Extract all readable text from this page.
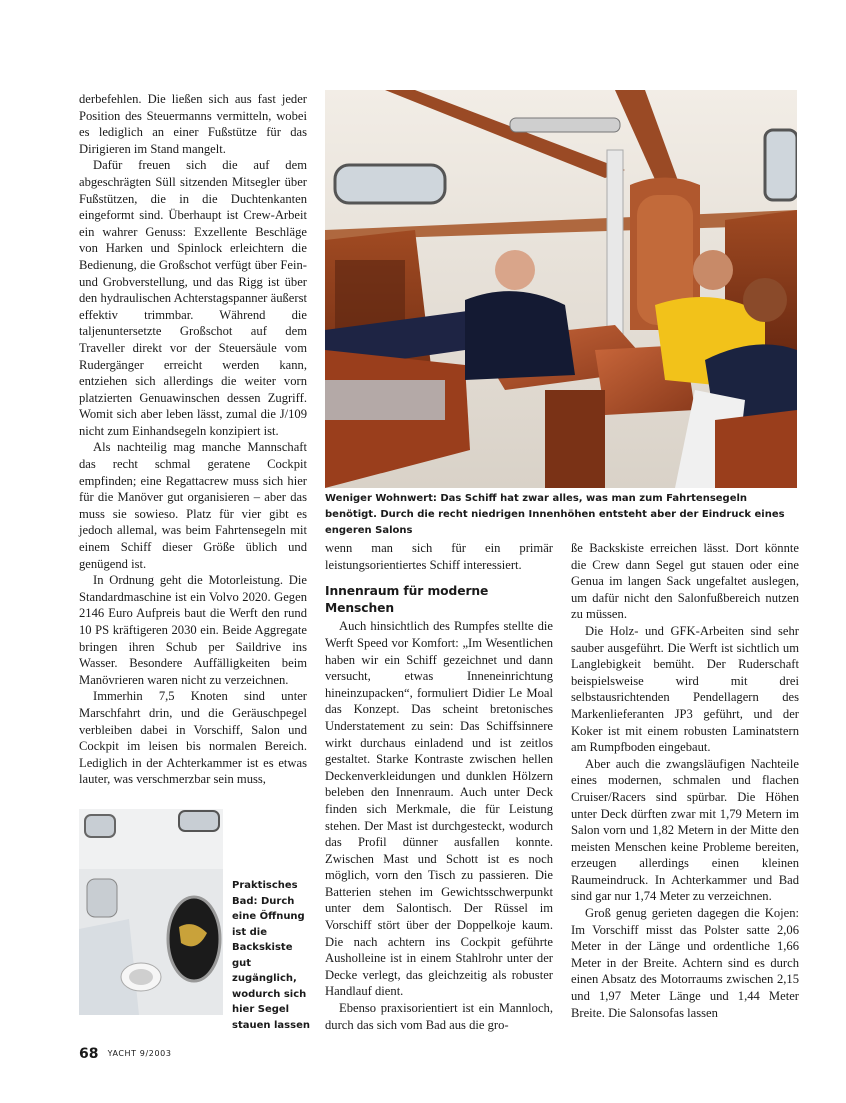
derbefehlen. Die ließen sich aus fast jeder Position des Steuermanns vermitteln, wobei es lediglich an einer Fußstütze für das Dirigieren im Stand mangelt.

Dafür freuen sich die auf dem abgeschrägten Süll sitzenden Mitsegler über Fußstützen, die in die Duchtenkanten eingeformt sind. Überhaupt ist Crew-Arbeit ein wahrer Genuss: Exzellente Beschläge von Harken und Spinlock erleichtern die Bedienung, die Großschot verfügt über Fein- und Grobverstellung, und das Rigg ist über den hydraulischen Achterstagspanner äußerst effektiv trimmbar. Während die taljenuntersetzte Großschot auf dem Traveller direkt vor der Steuersäule vom Rudergänger erreicht werden kann, entziehen sich allerdings die weiter vorn platzierten Genuawinschen dessen Zugriff. Womit sich aber leben lässt, zumal die J/109 nicht zum Einhandsegeln konzipiert ist.

Als nachteilig mag manche Mannschaft das recht schmal geratene Cockpit empfinden; eine Regattacrew muss sich hier für die Manöver gut organisieren – aber das muss sie sowieso. Platz für vier gibt es jedoch allemal, was beim Fahrtensegeln mit einem Schiff dieser Größe üblich und genügend ist.

In Ordnung geht die Motorleistung. Die Standardmaschine ist ein Volvo 2020. Gegen 2146 Euro Aufpreis baut die Werft den rund 10 PS kräftigeren 2030 ein. Beide Aggregate bringen ihren Schub per Saildrive ins Wasser. Besondere Auffälligkeiten beim Manövrieren waren nicht zu verzeichnen.

Immerhin 7,5 Knoten sind unter Marschfahrt drin, und die Geräuschpegel verbleiben dabei in Vorschiff, Salon und Cockpit im leisen bis normalen Bereich. Lediglich in der Achterkammer ist es etwas lauter, was verschmerzbar sein muss,

Weniger Wohnwert: Das Schiff hat zwar alles, was man zum Fahrtensegeln benötigt. Durch die recht niedrigen Innenhöhen entsteht aber der Eindruck eines engeren Salons
Praktisches Bad: Durch eine Öffnung ist die Backskiste gut zugänglich, wodurch sich hier Segel stauen lassen

wenn man sich für ein primär leistungsorientiertes Schiff interessiert.

Innenraum für moderne Menschen

Auch hinsichtlich des Rumpfes stellte die Werft Speed vor Komfort: „Im Wesentlichen haben wir ein Schiff gezeichnet und dann versucht, etwas Inneneinrichtung hineinzupacken“, formuliert Didier Le Moal das Konzept. Das scheint bretonisches Understatement zu sein: Das Schiffsinnere wirkt durchaus einladend und ist zeitlos gestaltet. Starke Kontraste zwischen hellen Deckenverkleidungen und dunklen Hölzern beleben den Innenraum. Auch unter Deck finden sich Merkmale, die für Leistung stehen. Der Mast ist durchgesteckt, wodurch das Profil dünner ausfallen konnte. Zwischen Mast und Schott ist es noch möglich, vorn den Tisch zu passieren. Die Batterien stehen im Gewichtsschwerpunkt unter dem Salontisch. Der Rüssel im Vorschiff stört über der Doppelkoje kaum. Die nach achtern ins Cockpit geführte Ausholleine ist in einem Stahlrohr unter der Decke verlegt, das gleichzeitig als robuster Handlauf dient.

Ebenso praxisorientiert ist ein Mannloch, durch das sich vom Bad aus die gro-

ße Backskiste erreichen lässt. Dort könnte die Crew dann Segel gut stauen oder eine Genua im langen Sack ungefaltet auslegen, um dafür nicht den Salonfußbereich nutzen zu müssen.

Die Holz- und GFK-Arbeiten sind sehr sauber ausgeführt. Die Werft ist sichtlich um Langlebigkeit bemüht. Der Ruderschaft beispielsweise wird mit drei selbstausrichtenden Pendellagern des Markenlieferanten JP3 geführt, und der Koker ist mit einem robusten Laminatstern am Rumpfboden eingebaut.

Aber auch die zwangsläufigen Nachteile eines modernen, schmalen und flachen Cruiser/Racers sind spürbar. Die Höhen unter Deck dürften zwar mit 1,79 Metern im Salon vorn und 1,82 Metern in der Mitte den meisten Menschen keine Probleme bereiten, erzeugen allerdings einen kleinen Raumeindruck. In Achterkammer und Bad sind gar nur 1,74 Meter zu verzeichnen.

Groß genug gerieten dagegen die Kojen: Im Vorschiff misst das Polster satte 2,06 Meter in der Länge und ordentliche 1,66 Meter in der Breite. Achtern sind es durch einen Absatz des Motorraums zwischen 2,15 und 1,97 Meter Länge und 1,44 Meter Breite. Die Salonsofas lassen

68 YACHT 9/2003
